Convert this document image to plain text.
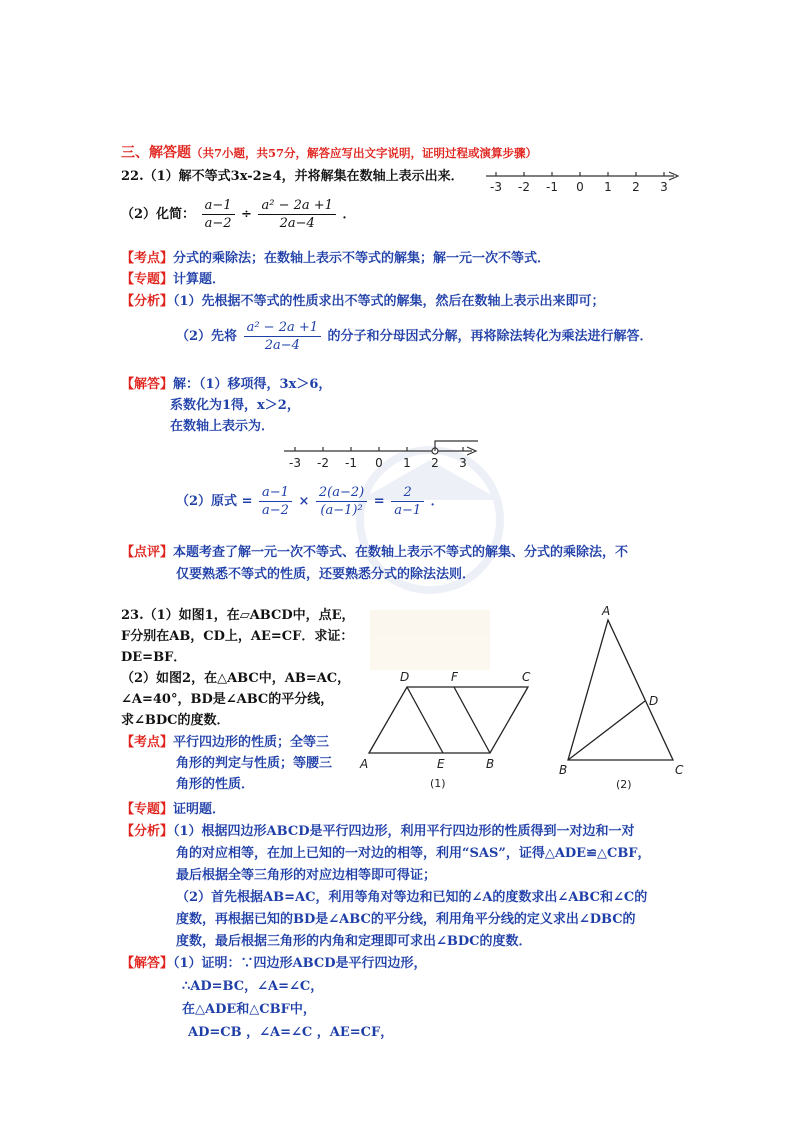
三、解答题（共7小题，共57分，解答应写出文字说明，证明过程或演算步骤）
22.（1）解不等式3x-2≥4，并将解集在数轴上表示出来．
-3 -2 -1 0 1 2 3
（2）化简： $\frac{a-1}{a-2} \div \frac{\text{a² − 2a +1}}{2a-4}$ ．
【考点】分式的乘除法；在数轴上表示不等式的解集；解一元一次不等式．
【专题】计算题．
【分析】（1）先根据不等式的性质求出不等式的解集，然后在数轴上表示出来即可；
（2）先将 $\frac{\text{a² − 2a +1}}{2a-4}$ 的分子和分母因式分解，再将除法转化为乘法进行解答．
【解答】解：（1）移项得，3x＞6，
系数化为1得，x＞2，
在数轴上表示为．
-3 -2 -1 0 1 2 3
（2）原式 = $\frac{a-1}{a-2} \times \frac{2(a-2)}{\text{(a−1)²}} = \frac{2}{a-1}$ ．
【点评】本题考查了解一元一次不等式、在数轴上表示不等式的解集、分式的乘除法，不
仅要熟悉不等式的性质，还要熟悉分式的除法法则．
23.（1）如图1，在▱ABCD中，点E，
F分别在AB，CD上，AE=CF．求证：
DE=BF．
（2）如图2，在△ABC中，AB=AC，
∠A=40°，BD是∠ABC的平分线，
求∠BDC的度数．
【考点】平行四边形的性质；全等三
角形的判定与性质；等腰三
角形的性质．
【专题】证明题．
【分析】（1）根据四边形ABCD是平行四边形，利用平行四边形的性质得到一对边和一对
角的对应相等，在加上已知的一对边的相等，利用“SAS”，证得△ADE≌△CBF，
最后根据全等三角形的对应边相等即可得证；
（2）首先根据AB=AC，利用等角对等边和已知的∠A的度数求出∠ABC和∠C的
度数，再根据已知的BD是∠ABC的平分线，利用角平分线的定义求出∠DBC的
度数，最后根据三角形的内角和定理即可求出∠BDC的度数．
【解答】（1）证明：∵四边形ABCD是平行四边形，
∴AD=BC，∠A=∠C，
在△ADE和△CBF中，
AD=CB ，∠A=∠C ，AE=CF，
A	E	B
D	F	C
(1)
A
B	C
D
(2)
